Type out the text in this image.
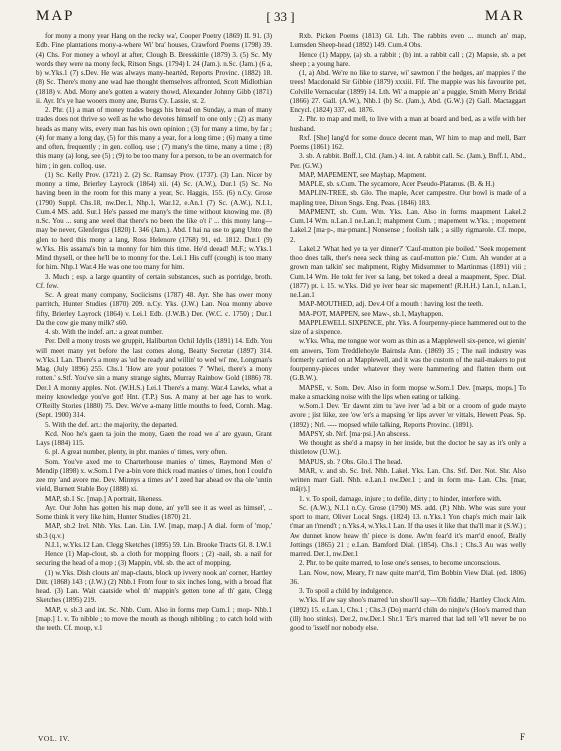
MAP	[ 33 ]	MAR

for mony a mony year Hang on the recky wa', Cooper Poetry (1869) II. 91. (3) Edb. Fine plantations mony-a-where Wi' bra' houses, Crawford Poems (1798) 39. (4) Chs. For money a whoyl at after, Clough B. Bresskittle (1879) 3. (5) Sc. My words they were na mony feck, Ritson Sngs. (1794) I. 24 (Jam.). n.Sc. (Jam.) (6 a, b) w.Yks.1 (7) s.Dev. He was always many-heartèd, Reports Provinc. (1882) 18. (8) Sc. There's mony ane wad hae thought themselves affronted, Scott Midlothian (1818) v. Abd. Mony ane's gotten a watery thowd, Alexander Johnny Gibb (1871) ii. Ayr. It's ye hae wooers mony ane, Burns Cy. Lassie, st. 2.

2. Phr. (1) a man of money trades beggs his bread on Sunday, a man of many trades does not thrive so well as he who devotes himself to one only ; (2) as many heads as many wits, every man has his own opinion ; (3) for many a time, by far ; (4) for many a long day, (5) for this many a year, for a long time ; (6) many a time and often, frequently ; in gen. colloq. use ; (7) many's the time, many a time ; (8) this many (a) long, see (5) ; (9) to be too many for a person, to be an overmatch for him ; in gen. colloq. use.

(1) Sc. Kelly Prov. (1721) 2. (2) Sc. Ramsay Prov. (1737). (3) Lan. Nicer by monny a time, Brierley Layrock (1864) xii. (4) Sc. (A.W.), Dur.1 (5) Sc. No having been in the room for this many a year, Sc. Haggis, 155. (6) n.Cy. Grose (1790) Suppl. Chs.18, nw.Der.1, Nhp.1, War.12, e.An.1 (7) Sc. (A.W.), N.I.1, Cum.4 MS. add. Sur.1 He's passed me many's the time without knowing me. (8) n.Sc. You ... sung ane weel that there's no been the like o't i' ... this mony lang—may be never, Glenfergus (1820) I. 346 (Jam.). Abd. I hai na use to gang Unto the glen to herd this mony a lang, Ross Helenore (1768) 91, ed. 1812. Dur.1 (9) w.Yks. His assama's bin ta monny for him this time. He'd deead! M.F.; w.Yks.1 Mind thysell, or thee he'll be to monny for the. Lei.1 His cuff (cough) is too many for him. Nhp.1 War.4 He was one too many for him.

3. Much ; esp. a large quantity of certain substances, such as porridge, broth. Cf. few.

Sc. A great many company, Sociicisms (1787) 48. Ayr. She has ower mony parritch, Hunter Studies (1870) 209. n.Cy. Yks. (J.W.) Lan. Noa monny above fifty, Brierley Layrock (1864) v. Lei.1 Edb. (J.W.B.) Der. (W.C. c. 1750) ; Dur.1 Da the cow gie many milk? s60.

4. sb. With the indef. art.: a great number.

Per. Dell a mony trosts we gruppit, Haliburton Ochil Idylls (1891) 14. Edb. You will meet many yet before the last comes along, Beatty Secretar (1897) 314. w.Yks.1 Lan. There's a mony as 'ud be ready and willin' to wed wi' me, Longman's Mag. (July 1896) 255. Chs.1 'How are your potatoes ?' 'Whei, there's a mony rotten.' s.Stf. You've sin a many strange sights, Murray Rainbow Gold (1886) 78. Der.1 A monny apples. Not. (W.H.S.) Lei.1 There's a many. War.4 Lawks, what a meiny knowledge you've got! Hnt. (T.P.) Sus. A many at her age has to work. O'Reilly Stories (1880) 75. Dev. We've a-many little mouths to feed, Cornh. Mag. (Sept. 1900) 314.

5. With the def. art.: the majority, the departed.

Kcd. Noo he's gaen ta join the mony, Gaen the road we a' are gyaun, Grant Lays (1884) 115.

6. pl. A great number, plenty, in phr. manies o' times, very often.

Som. You've axed me to Charterhouse manies o' times, Raymond Men o' Mendip (1898) x. w.Som.1 I've a-bin vore thick road manies o' times, hon I could'n zee my 'and avore me. Dev. Minnys a times av' I zeed har ahead ov tha ole 'untin vield, Burnett Stable Boy (1888) xi.

MAP, sb.1 Sc. [map.] A portrait, likeness.

Ayr. Our John has gotten his map done, an' ye'll see it as weel as himsel', .. Some think it very like him, Hunter Studies (1870) 21.

MAP, sb.2 Irel. Nhb. Yks. Lan. Lin. I.W. [map, mæp.] A dial. form of 'mop,' sb.3 (q.v.)

N.I.1, w.Yks.12 Lan. Clegg Sketches (1895) 59. Lin. Brooke Tracts Gl. 8. I.W.1

Hence (1) Map-clout, sb. a cloth for mopping floors ; (2) -nail, sb. a nail for securing the head of a mop ; (3) Mappin, vbl. sb. the act of mopping.

(1) w.Yks. Dish clouts an' map-clauts, block up ivvery nook an' corner, Hartley Ditt. (1868) 143 ; (J.W.) (2) Nhb.1 From four to six inches long, with a broad flat head. (3) Lan. Wait caatside whol th' mappin's getten tone af th' gate, Clegg Sketches (1895) 219.

MAP, v. sb.3 and int. Sc. Nhb. Cum. Also in forms mep Cum.1 ; mop- Nhb.1 [map.] 1. v. To nibble ; to move the mouth as though nibbling ; to catch hold with the teeth. Cf. moup, v.1

Rxb. Picken Poems (1813) Gl. Lth. The rabbits even ... munch an' map, Lumsden Sheep-head (1892) 149. Cum.4 Obs.

Hence (1) Mappy, (a) sb. a rabbit ; (b) int. a rabbit call ; (2) Mapsie, sb. a pet sheep ; a young hare.

(1, a) Abd. We're no like to starve, wi' sawmon i' the hedges, an' mappies i' the trees! Macdonald Sir Gibbie (1879) xxxiii. Fif. The mappie was his favourite pet, Colville Vernacular (1899) 14. Lth. Wi' a mappie an' a puggie, Smith Merry Bridal (1866) 27. Gall. (A.W.), Nhb.1 (b) Sc. (Jam.), Abd. (G.W.) (2) Gall. Mactaggart Encycl. (1824) 337, ed. 1876.

2. Phr. to map and mell, to live with a man at board and bed, as a wife with her husband.

Rxf. [She] lang'd for some douce decent man, Wi' him to map and mell, Barr Poems (1861) 162.

3. sb. A rabbit. Bnff.1, Cld. (Jam.) 4. int. A rabbit call. Sc. (Jam.), Bnff.1, Abd., Per. (G.W.)

MAP, MAPEMENT, see Mayhap, Mapment.

MAPLE, sb. s.Cum. The sycamore, Acer Pseudo-Platanus. (B. & H.)

MAPLIN-TREE, sb. Glo. The maple, Acer campestre. Our bowl is made of a mapling tree, Dixon Sngs. Eng. Peas. (1846) 183.

MAPMENT, sb. Cum. Wm. Yks. Lan. Also in forms maapment Lakel.2 Cum.14 Wm. n.Lan.1 ne.Lan.1; mahpment Cum. ; mapement w.Yks. ; mopement Lakel.2 [ma·p-, ma·pmant.] Nonsense ; foolish talk ; a silly rigmarole. Cf. mope, 2.

Lakel.2 'What hed ye ta yer dinner?' 'Cauf-mutton pie boiled.' 'Seek mopement thoo does talk, ther's neea seck thing as cauf-mutton pie.' Cum. Ah wunder at a grown man talkin' sec mahpment, Rigby Midsummer to Martinmas (1891) viii ; Cum.14 Wm. He tokt fer iver sa lang, bet toked a deeal a maapment, Spec. Dial. (1877) pt. i. 15. w.Yks. Did ye iver hear sic mapement! (R.H.H.) Lan.1, n.Lan.1, ne.Lan.1

MAP-MOUTHED, adj. Dev.4 Of a mouth : having lost the teeth.

MA-POT, MAPPEN, see Maw-, sb.1, Mayhappen.

MAPPLEWELL SIXPENCE, phr. Yks. A fourpenny-piece hammered out to the size of a sixpence.

w.Yks. Wha, me tongue wor worn as thin as a Mapplewell six-pence, wi gienin' em anwers, Tom Treddlehoyle Bairnsla Ann. (1869) 35 ; The nail industry was formerly carried on at Mapplewell, and it was the custom of the nail-makers to put fourpenny-pieces under whatever they were hammering and flatten them out (G.B.W.).

MAPSE, v. Som. Dev. Also in form mopse w.Som.1 Dev. [mæps, mops.] To make a smacking noise with the lips when eating or talking.

w.Som.1 Dev. 'Er dawnt zim tu 'ave iver 'ad a bit or a croom of gude mayte avore ; jist lüke, zee 'ow 'er's a mapsing 'er lips avver 'er vittals, Hewett Peas. Sp. (1892) ; Nrl. ---- mopsed while talking, Reports Provinc. (1891).

MAPSY, sb. Nrf. [ma·psi.] An abscess.

We thought as she'd a mapsy in her inside, but the doctor he say as it's only a thistletow (U.W.).

MAPUS, sb. ? Obs. Glo.1 The head.

MAR, v. and sb. Sc. Irel. Nhb. Lakel. Yks. Lan. Chs. Stf. Der. Not. Shr. Also written marr Gall. Nhb. e.Lan.1 nw.Der.1 ; and in form ma- Lan. Chs. [mar, mā(r).]

1. v. To spoil, damage, injure ; to defile, dirty ; to hinder, interfere with.

Sc. (A.W.), N.I.1 n.Cy. Grose (1790) MS. add. (P.) Nhb. Whe was sure your sport to marr, Oliver Local Sngs. (1824) 13. n.Yks.1 Yon chap's mich mair laik t'mar an t'mend't ; n.Yks.4, w.Yks.1 Lan. If tha uses it like that tha'll mar it (S.W.) ; Aw dunnet know heaw th' piece is done. Aw'm fear'd it's marr'd enoof, Brally Jottings (1865) 21 ; e.Lan. Bamford Dial. (1854). Chs.1 ; Chs.3 Au was welly marred. Der.1, nw.Der.1

2. Phr. to be quite marred, to lose one's senses, to become unconscious.

Lan. Now, now, Meary, I'r naw quite marr'd, Tim Bobbin View Dial. (ed. 1806) 36.

3. To spoil a child by indulgence.

w.Yks. If aw say shoo's marred 'un shoo'll say—'Oh fiddle,' Hartley Clock Alm. (1892) 15. e.Lan.1, Chs.1 ; Chs.3 (Do) marr'd chiln do ninjte's (Hoo's marred than (ill) hoo stinks). Der.2, nw.Der.1 Shr.1 'Er's marred that lad tell 'e'll never be no good to 'isself nor nobody else.

VOL. IV.	F
